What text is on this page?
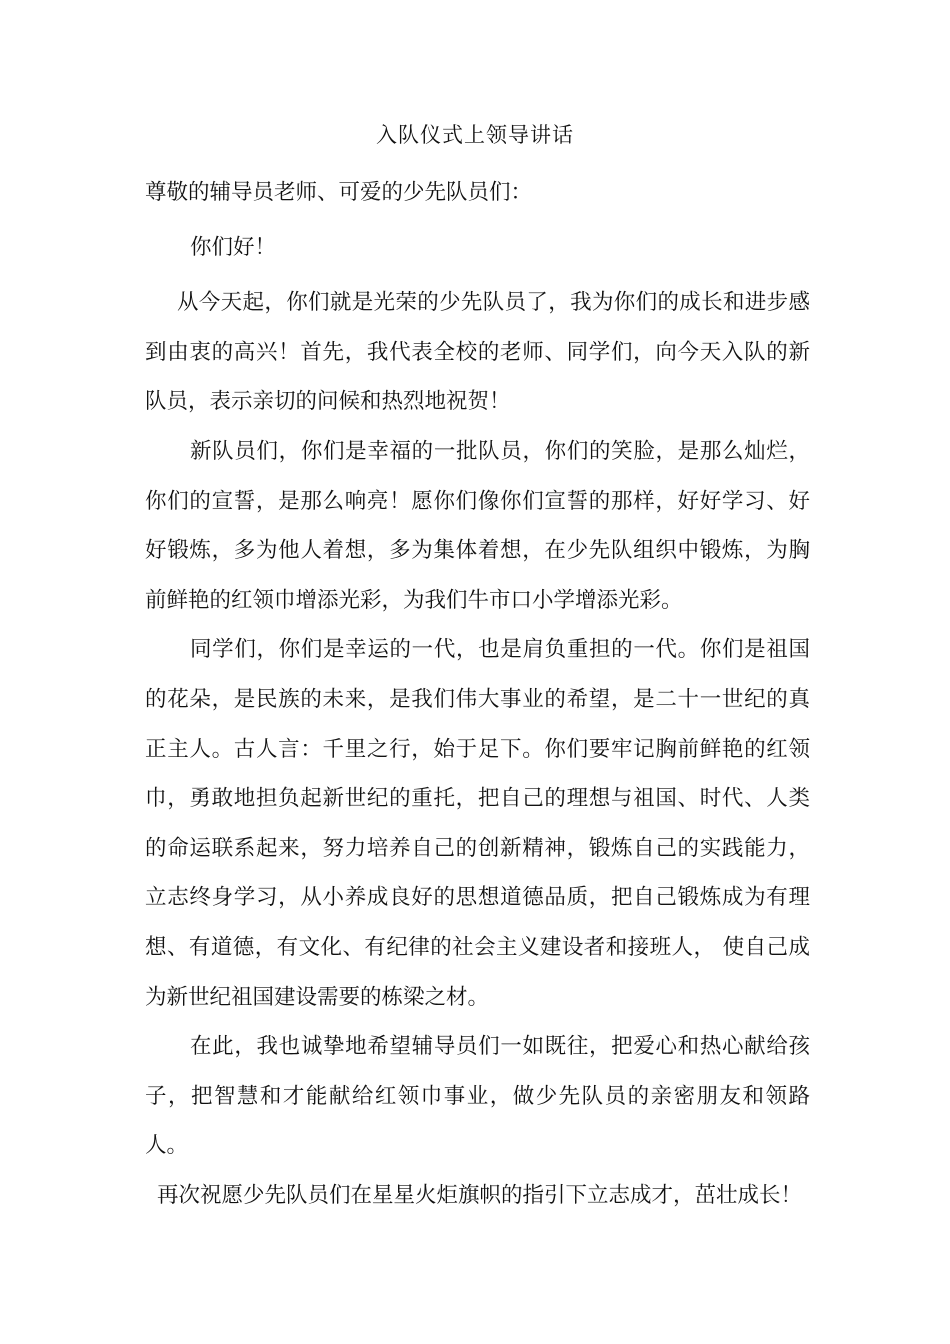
入队仪式上领导讲话

尊敬的辅导员老师、可爱的少先队员们：

你们好！

从今天起，你们就是光荣的少先队员了，我为你们的成长和进步感到由衷的高兴！首先，我代表全校的老师、同学们，向今天入队的新队员，表示亲切的问候和热烈地祝贺！

新队员们，你们是幸福的一批队员，你们的笑脸，是那么灿烂，你们的宣誓，是那么响亮！愿你们像你们宣誓的那样，好好学习、好好锻炼，多为他人着想，多为集体着想，在少先队组织中锻炼，为胸前鲜艳的红领巾增添光彩，为我们牛市口小学增添光彩。

同学们，你们是幸运的一代，也是肩负重担的一代。你们是祖国的花朵，是民族的未来，是我们伟大事业的希望，是二十一世纪的真正主人。古人言：千里之行，始于足下。你们要牢记胸前鲜艳的红领巾，勇敢地担负起新世纪的重托，把自己的理想与祖国、时代、人类的命运联系起来，努力培养自己的创新精神，锻炼自己的实践能力，立志终身学习，从小养成良好的思想道德品质，把自己锻炼成为有理想、有道德，有文化、有纪律的社会主义建设者和接班人， 使自己成为新世纪祖国建设需要的栋梁之材。

在此，我也诚挚地希望辅导员们一如既往，把爱心和热心献给孩子，把智慧和才能献给红领巾事业，做少先队员的亲密朋友和领路人。

再次祝愿少先队员们在星星火炬旗帜的指引下立志成才，茁壮成长！
